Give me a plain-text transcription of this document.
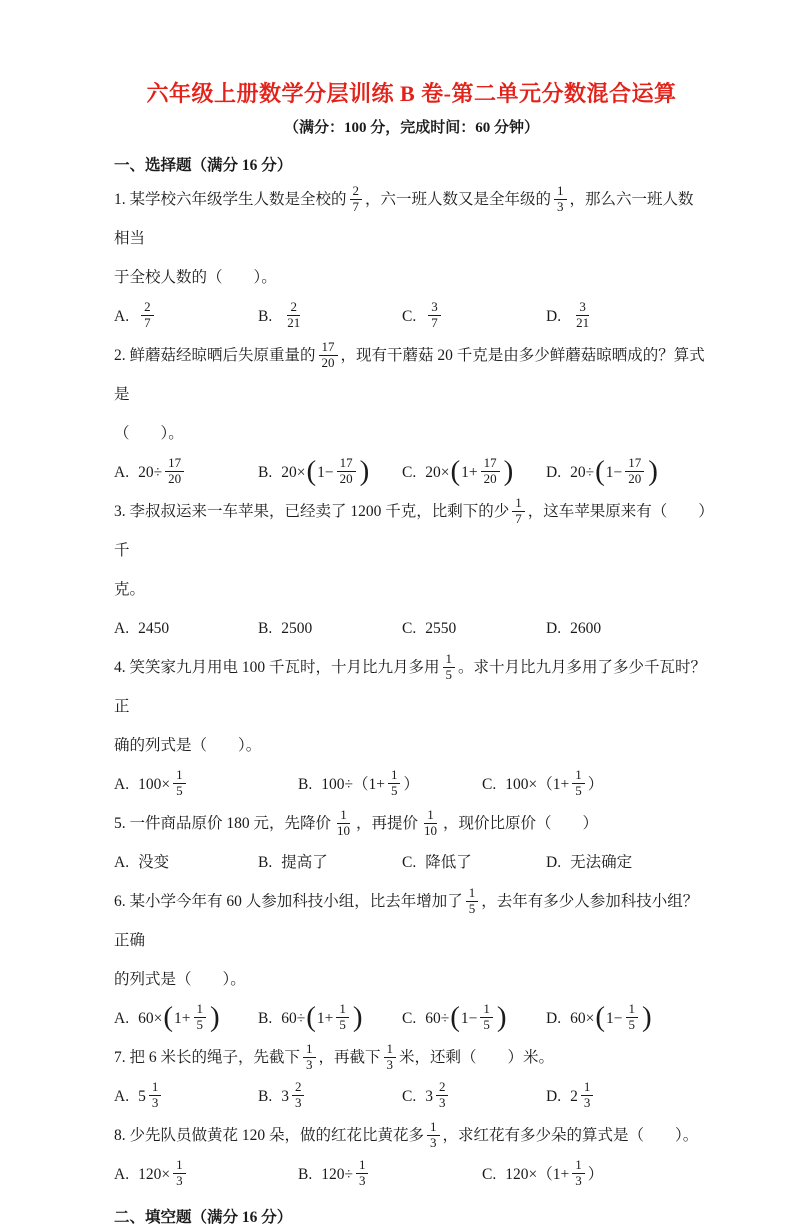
六年级上册数学分层训练 B 卷-第二单元分数混合运算
（满分：100 分，完成时间：60 分钟）
一、选择题（满分 16 分）
1. 某学校六年级学生人数是全校的 $\frac{2}{7}$ ，六一班人数又是全年级的 $\frac{1}{3}$ ，那么六一班人数相当
于全校人数的（　　）。
A. $\frac{2}{7}$	B. $\frac{2}{21}$	C. $\frac{3}{7}$	D. $\frac{3}{21}$
2. 鲜蘑菇经晾晒后失原重量的 $\frac{17}{20}$ ，现有干蘑菇 20 千克是由多少鲜蘑菇晾晒成的？算式是
（　　）。
A. $20\div \frac{17}{20}$	B. 20× ( $1- \frac{17}{20}$ ) C. 20× ( $1+ \frac{17}{20}$ ) D. 20÷ ( $1- \frac{17}{20}$ )
3. 李叔叔运来一车苹果，已经卖了 1200 千克，比剩下的少 $\frac{1}{7}$ ，这车苹果原来有（　　）千
克。
A. 2450	B. 2500	C. 2550	D. 2600
4. 笑笑家九月用电 100 千瓦时，十月比九月多用 $\frac{1}{5}$ 。求十月比九月多用了多少千瓦时？正
确的列式是（　　）。
A. $100\times \frac{1}{5}$	B. $100\div(1+ \frac{1}{5}$ ）	C. $100\times(1+ \frac{1}{5}$ ）
5. 一件商品原价 180 元，先降价 $\frac{1}{10}$ ，再提价 $\frac{1}{10}$ ，现价比原价（　　）
A. 没变	B. 提高了	C. 降低了	D. 无法确定
6. 某小学今年有 60 人参加科技小组，比去年增加了 $\frac{1}{5}$ ，去年有多少人参加科技小组？正确
的列式是（　　）。
A. 60× ( $1+ \frac{1}{5}$ ) B. 60÷ ( $1+ \frac{1}{5}$ )	C. 60÷ ( $1- \frac{1}{5}$ )	D. 60× ( $1- \frac{1}{5}$ )
7. 把 6 米长的绳子，先截下 $\frac{1}{3}$ ，再截下 $\frac{1}{3}$ 米，还剩（　　）米。
A. $5 \frac{1}{3}$	B. $3 \frac{2}{3}$	C. $3 \frac{2}{3}$	D. $2 \frac{1}{3}$
8. 少先队员做黄花 120 朵，做的红花比黄花多 $\frac{1}{3}$ ，求红花有多少朵的算式是（　　）。
A. $120\times \frac{1}{3}$	B. $120\div \frac{1}{3}$	C. $120\times(1+ \frac{1}{3}$ ）
二、填空题（满分 16 分）
